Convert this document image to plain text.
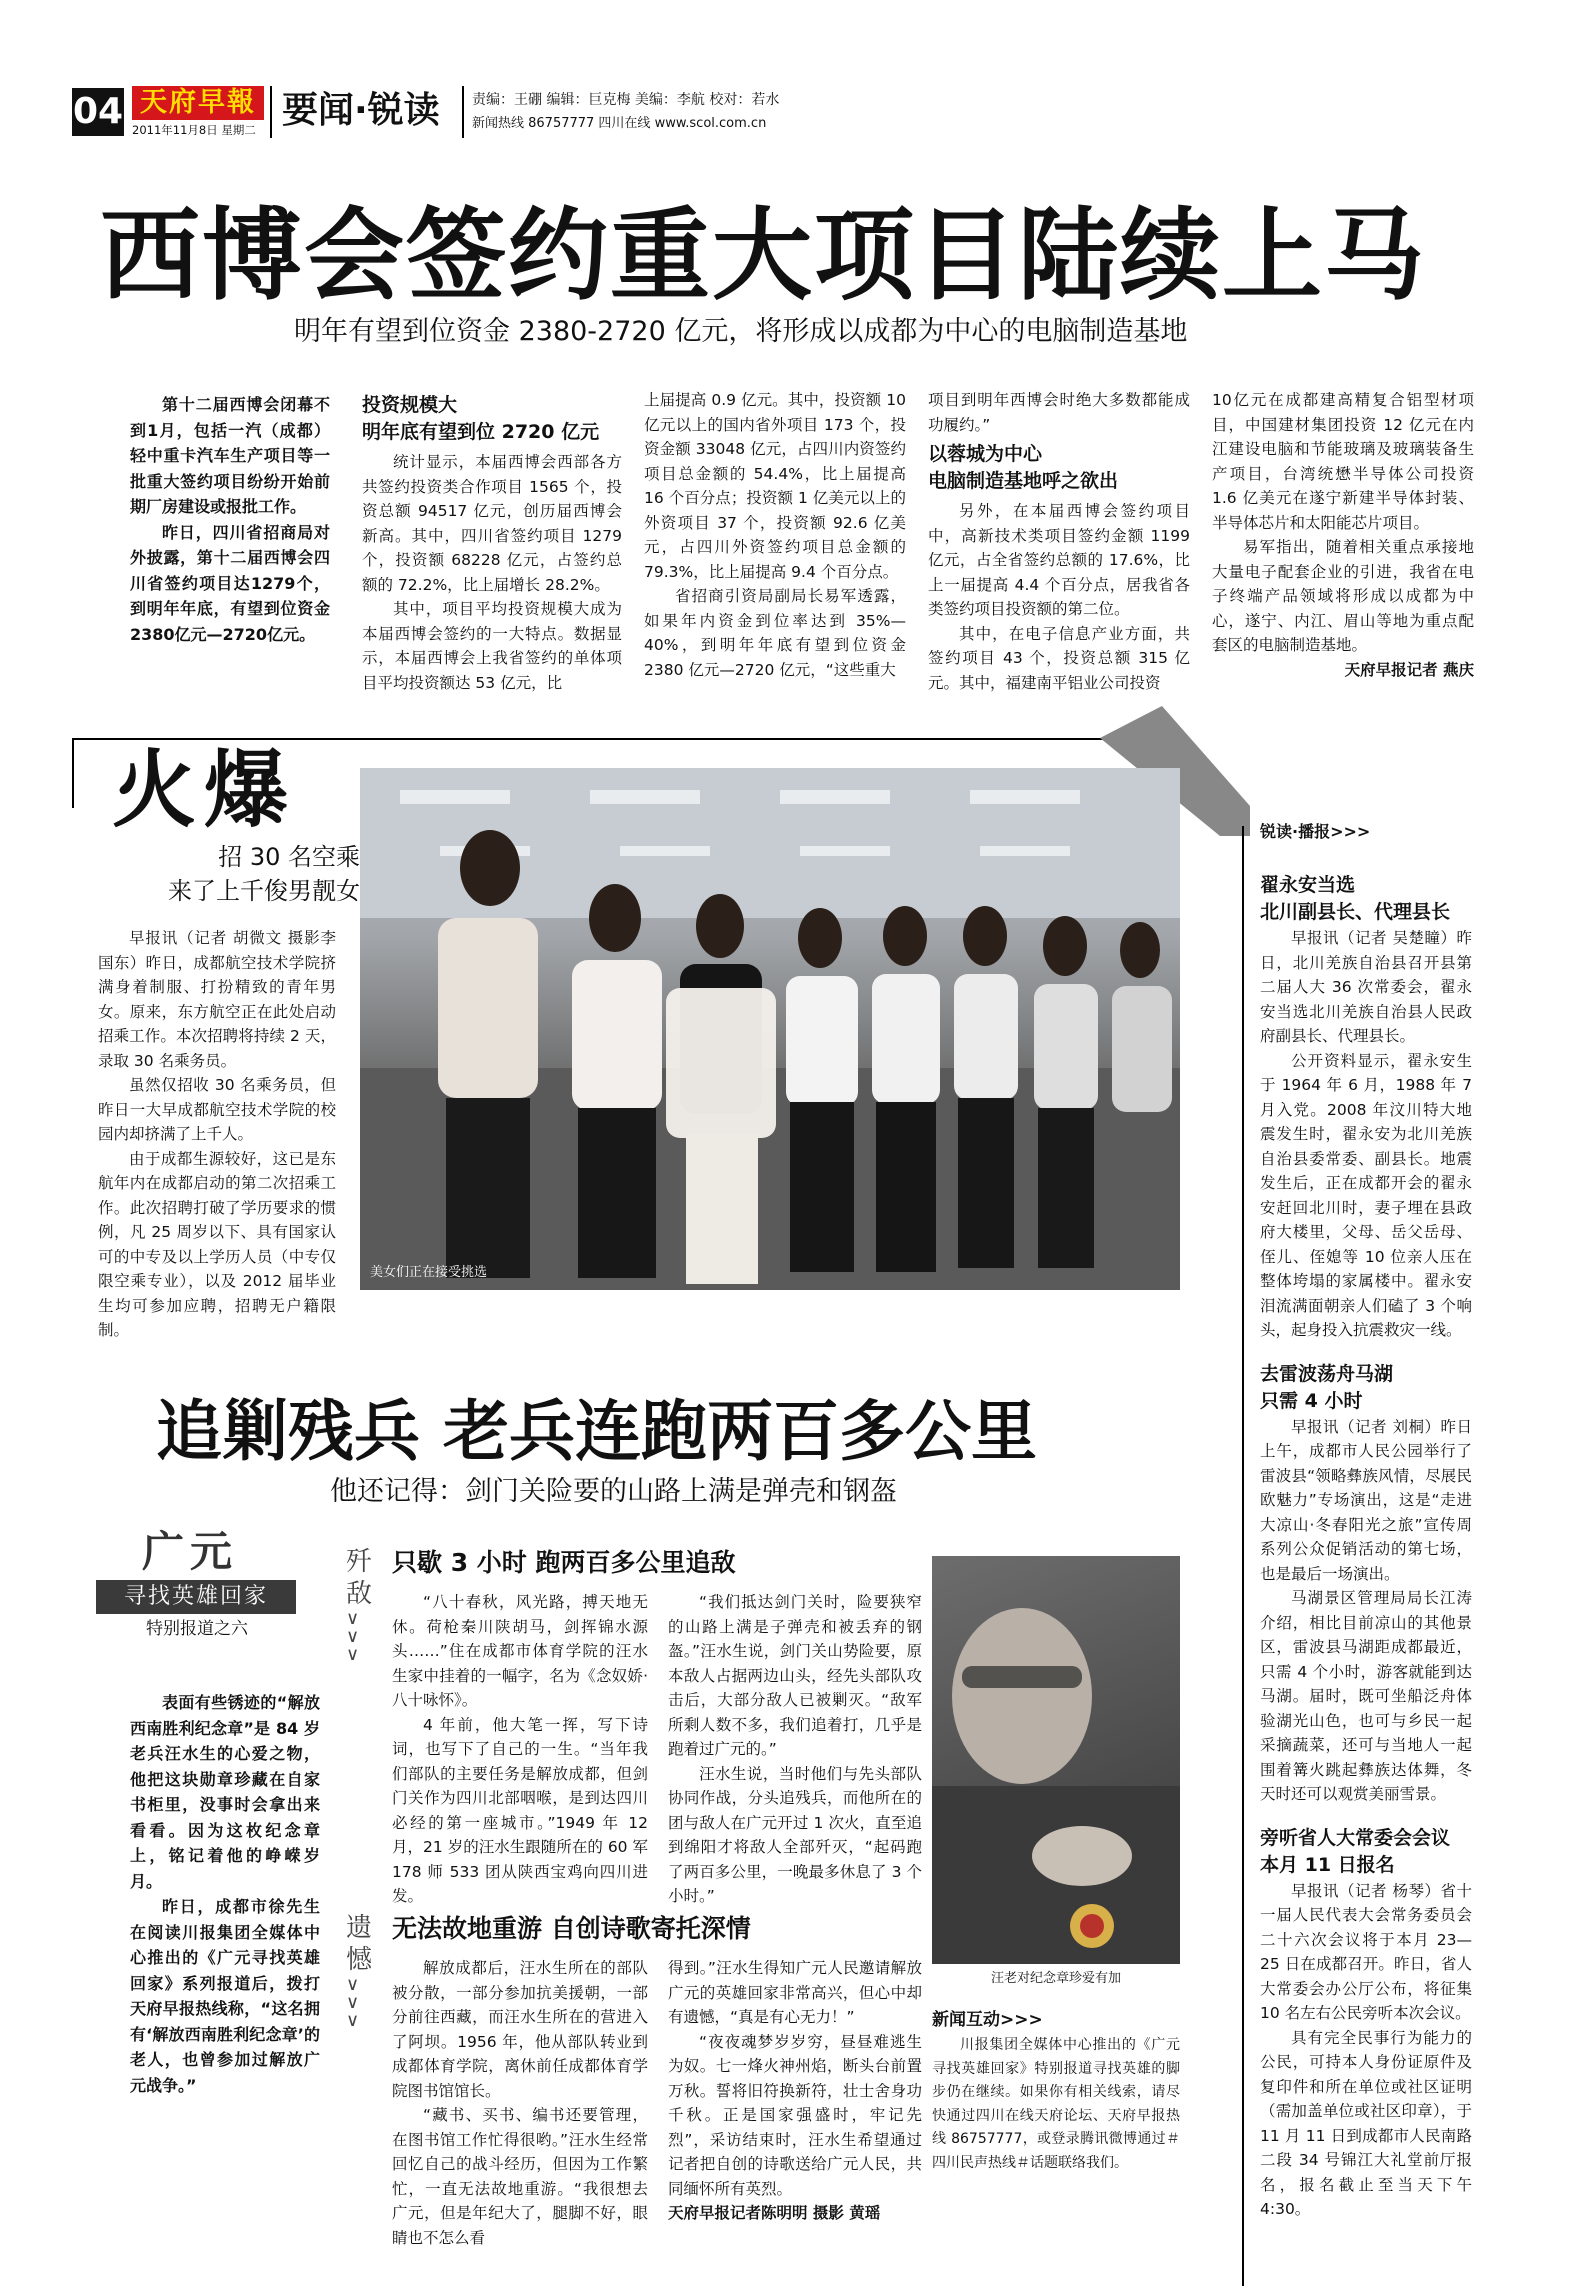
04 天府早報
2011年11月8日 星期二 要闻·锐读 责编：王硼 编辑：巨克梅 美编：李航 校对：若水
新闻热线 86757777 四川在线 www.scol.com.cn
西博会签约重大项目陆续上马
明年有望到位资金 2380-2720 亿元，将形成以成都为中心的电脑制造基地

第十二届西博会闭幕不到1月，包括一汽（成都）轻中重卡汽车生产项目等一批重大签约项目纷纷开始前期厂房建设或报批工作。

昨日，四川省招商局对外披露，第十二届西博会四川省签约项目达1279个，到明年年底，有望到位资金2380亿元—2720亿元。

投资规模大

明年底有望到位 2720 亿元

统计显示，本届西博会西部各方共签约投资类合作项目 1565 个，投资总额 94517 亿元，创历届西博会新高。其中，四川省签约项目 1279 个，投资额 68228 亿元，占签约总额的 72.2%，比上届增长 28.2%。

其中，项目平均投资规模大成为本届西博会签约的一大特点。数据显示，本届西博会上我省签约的单体项目平均投资额达 53 亿元，比

上届提高 0.9 亿元。其中，投资额 10 亿元以上的国内省外项目 173 个，投资金额 33048 亿元，占四川内资签约项目总金额的 54.4%，比上届提高 16 个百分点；投资额 1 亿美元以上的外资项目 37 个，投资额 92.6 亿美元，占四川外资签约项目总金额的 79.3%，比上届提高 9.4 个百分点。

省招商引资局副局长易军透露，如果年内资金到位率达到 35%—40%，到明年年底有望到位资金 2380 亿元—2720 亿元，“这些重大

项目到明年西博会时绝大多数都能成功履约。”

以蓉城为中心

电脑制造基地呼之欲出

另外，在本届西博会签约项目中，高新技术类项目签约金额 1199 亿元，占全省签约总额的 17.6%，比上一届提高 4.4 个百分点，居我省各类签约项目投资额的第二位。

其中，在电子信息产业方面，共签约项目 43 个，投资总额 315 亿元。其中，福建南平铝业公司投资

10亿元在成都建高精复合铝型材项目，中国建材集团投资 12 亿元在内江建设电脑和节能玻璃及玻璃装备生产项目，台湾统懋半导体公司投资 1.6 亿美元在遂宁新建半导体封装、半导体芯片和太阳能芯片项目。

易军指出，随着相关重点承接地大量电子配套企业的引进，我省在电子终端产品领域将形成以成都为中心，遂宁、内江、眉山等地为重点配套区的电脑制造基地。

天府早报记者 燕庆

火爆
招 30 名空乘
来了上千俊男靓女

早报讯（记者 胡微文 摄影李国东）昨日，成都航空技术学院挤满身着制服、打扮精致的青年男女。原来，东方航空正在此处启动招乘工作。本次招聘将持续 2 天，录取 30 名乘务员。

虽然仅招收 30 名乘务员，但昨日一大早成都航空技术学院的校园内却挤满了上千人。

由于成都生源较好，这已是东航年内在成都启动的第二次招乘工作。此次招聘打破了学历要求的惯例，凡 25 周岁以下、具有国家认可的中专及以上学历人员（中专仅限空乘专业），以及 2012 届毕业生均可参加应聘，招聘无户籍限制。

美女们正在接受挑选

锐读·播报>>>

翟永安当选

北川副县长、代理县长

早报讯（记者 吴楚瞳）昨日，北川羌族自治县召开县第二届人大 36 次常委会，翟永安当选北川羌族自治县人民政府副县长、代理县长。

公开资料显示，翟永安生于 1964 年 6 月，1988 年 7 月入党。2008 年汶川特大地震发生时，翟永安为北川羌族自治县委常委、副县长。地震发生后，正在成都开会的翟永安赶回北川时，妻子埋在县政府大楼里，父母、岳父岳母、侄儿、侄媳等 10 位亲人压在整体垮塌的家属楼中。翟永安泪流满面朝亲人们磕了 3 个响头，起身投入抗震救灾一线。

去雷波荡舟马湖

只需 4 小时

早报讯（记者 刘桐）昨日上午，成都市人民公园举行了雷波县“领略彝族风情，尽展民欧魅力”专场演出，这是“走进大凉山·冬春阳光之旅”宣传周系列公众促销活动的第七场，也是最后一场演出。

马湖景区管理局局长江涛介绍，相比目前凉山的其他景区，雷波县马湖距成都最近，只需 4 个小时，游客就能到达马湖。届时，既可坐船泛舟体验湖光山色，也可与乡民一起采摘蔬菜，还可与当地人一起围着篝火跳起彝族达体舞，冬天时还可以观赏美丽雪景。

旁听省人大常委会会议

本月 11 日报名

早报讯（记者 杨琴）省十一届人民代表大会常务委员会二十六次会议将于本月 23—25 日在成都召开。昨日，省人大常委会办公厅公布，将征集 10 名左右公民旁听本次会议。

具有完全民事行为能力的公民，可持本人身份证原件及复印件和所在单位或社区证明（需加盖单位或社区印章），于 11 月 11 日到成都市人民南路二段 34 号锦江大礼堂前厅报名，报名截止至当天下午 4:30。

追剿残兵 老兵连跑两百多公里
他还记得：剑门关险要的山路上满是弹壳和钢盔
广元
寻找英雄回家
特别报道之六

表面有些锈迹的“解放西南胜利纪念章”是 84 岁老兵汪水生的心爱之物，他把这块勋章珍藏在自家书柜里，没事时会拿出来看看。因为这枚纪念章上，铭记着他的峥嵘岁月。

昨日，成都市徐先生在阅读川报集团全媒体中心推出的《广元寻找英雄回家》系列报道后，拨打天府早报热线称，“这名拥有‘解放西南胜利纪念章’的老人，也曾参加过解放广元战争。”

歼敌
∨
∨
∨
只歇 3 小时 跑两百多公里追敌

“八十春秋，风光路，搏天地无休。荷枪秦川陕胡马，剑挥锦水源头……”住在成都市体育学院的汪水生家中挂着的一幅字，名为《念奴娇·八十咏怀》。

4 年前，他大笔一挥，写下诗词，也写下了自己的一生。“当年我们部队的主要任务是解放成都，但剑门关作为四川北部咽喉，是到达四川必经的第一座城市。”1949 年 12 月，21 岁的汪水生跟随所在的 60 军 178 师 533 团从陕西宝鸡向四川进发。

“我们抵达剑门关时，险要狭窄的山路上满是子弹壳和被丢弃的钢盔。”汪水生说，剑门关山势险要，原本敌人占据两边山头，经先头部队攻击后，大部分敌人已被剿灭。“敌军所剩人数不多，我们追着打，几乎是跑着过广元的。”

汪水生说，当时他们与先头部队协同作战，分头追残兵，而他所在的团与敌人在广元开过 1 次火，直至追到绵阳才将敌人全部歼灭，“起码跑了两百多公里，一晚最多休息了 3 个小时。”

遗憾
∨
∨
∨
无法故地重游 自创诗歌寄托深情

解放成都后，汪水生所在的部队被分散，一部分参加抗美援朝，一部分前往西藏，而汪水生所在的营进入了阿坝。1956 年，他从部队转业到成都体育学院，离休前任成都体育学院图书馆馆长。

“藏书、买书、编书还要管理，在图书馆工作忙得很哟。”汪水生经常回忆自己的战斗经历，但因为工作繁忙，一直无法故地重游。“我很想去广元，但是年纪大了，腿脚不好，眼睛也不怎么看

得到。”汪水生得知广元人民邀请解放广元的英雄回家非常高兴，但心中却有遗憾，“真是有心无力！”

“夜夜魂梦岁岁穷，昼昼难逃生为奴。七一烽火神州焰，断头台前置万秋。誓将旧符换新符，壮士舍身功千秋。正是国家强盛时，牢记先烈”，采访结束时，汪水生希望通过记者把自创的诗歌送给广元人民，共同缅怀所有英烈。

天府早报记者陈明明 摄影 黄瑶

汪老对纪念章珍爱有加
新闻互动>>>

川报集团全媒体中心推出的《广元寻找英雄回家》特别报道寻找英雄的脚步仍在继续。如果你有相关线索，请尽快通过四川在线天府论坛、天府早报热线 86757777，或登录腾讯微博通过＃四川民声热线＃话题联络我们。
